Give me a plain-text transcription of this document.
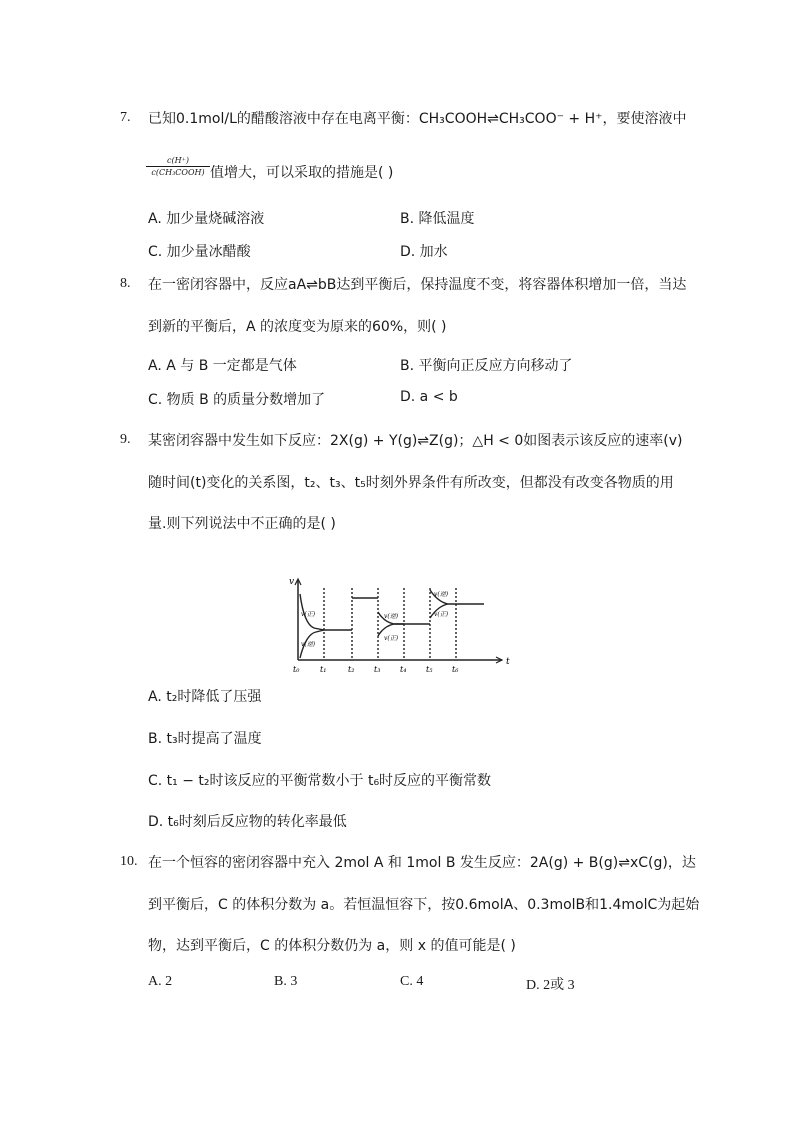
7. 已知0.1mol/L的醋酸溶液中存在电离平衡：CH₃COOH⇌CH₃COO⁻ + H⁺，要使溶液中
c(H⁺)
c(CH₃COOH) 值增大，可以采取的措施是( )
A. 加少量烧碱溶液	B. 降低温度
C. 加少量冰醋酸	D. 加水
8. 在一密闭容器中，反应aA⇌bB达到平衡后，保持温度不变，将容器体积增加一倍，当达
到新的平衡后，A 的浓度变为原来的60%，则( )
A. A 与 B 一定都是气体	B. 平衡向正反应方向移动了
C. 物质 B 的质量分数增加了	D. a < b
9. 某密闭容器中发生如下反应：2X(g) + Y(g)⇌Z(g)；△H < 0如图表示该反应的速率(v)
随时间(t)变化的关系图，t₂、t₃、t₅时刻外界条件有所改变，但都没有改变各物质的用
量.则下列说法中不正确的是( )
v
t
v(正)
v(逆)
v(逆)
v(正)
v(逆)
v(正)
t₀	t₁	t₂ t₃ t₄ t₅ t₆
A. t₂时降低了压强
B. t₃时提高了温度
C. t₁ − t₂时该反应的平衡常数小于 t₆时反应的平衡常数
D. t₆时刻后反应物的转化率最低
10. 在一个恒容的密闭容器中充入 2mol A 和 1mol B 发生反应：2A(g) + B(g)⇌xC(g)，达
到平衡后，C 的体积分数为 a。若恒温恒容下，按0.6molA、0.3molB和1.4molC为起始
物，达到平衡后，C 的体积分数仍为 a，则 x 的值可能是( )
A. 2	B. 3	C. 4	D. 2或 3
